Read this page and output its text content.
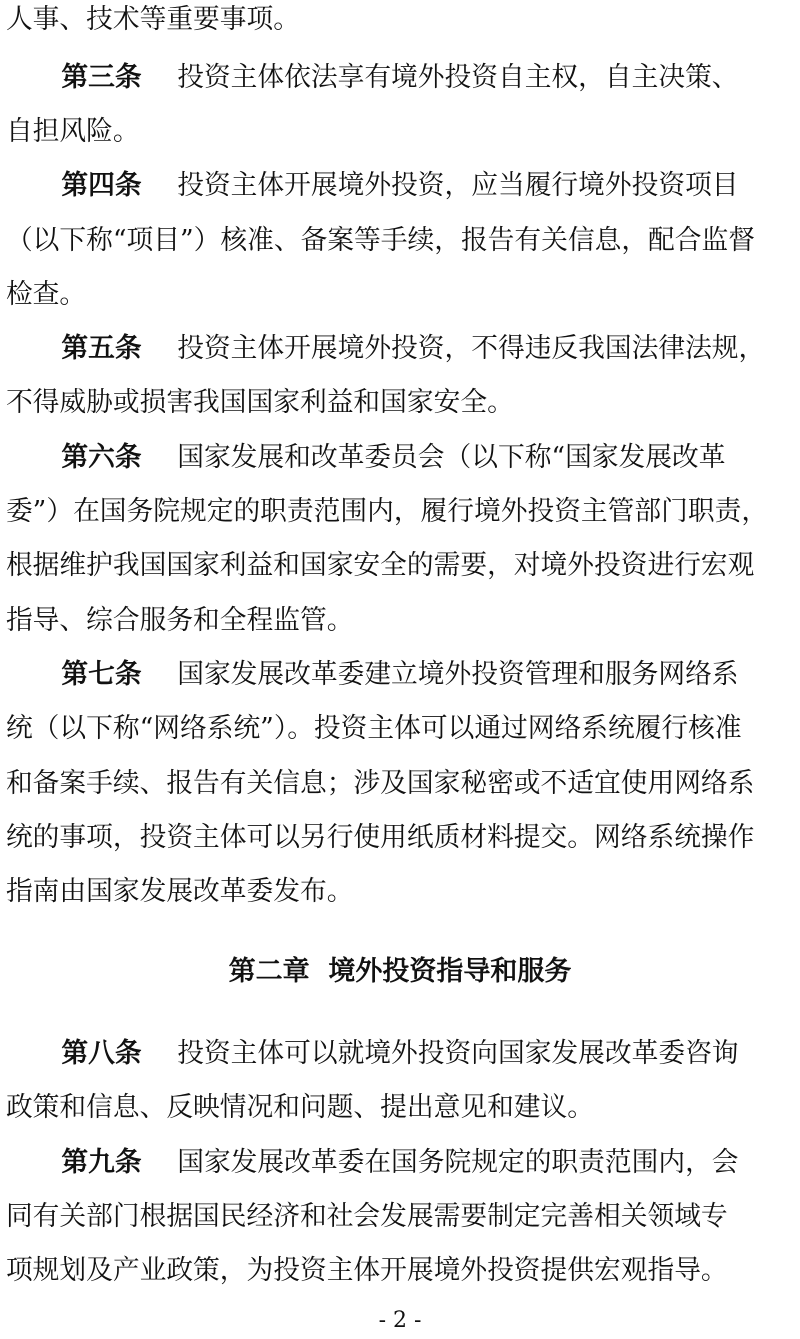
人事、技术等重要事项。
第三条 投资主体依法享有境外投资自主权，自主决策、
自担风险。
第四条 投资主体开展境外投资，应当履行境外投资项目
（以下称“项目”）核准、备案等手续，报告有关信息，配合监督
检查。
第五条 投资主体开展境外投资，不得违反我国法律法规，
不得威胁或损害我国国家利益和国家安全。
第六条 国家发展和改革委员会（以下称“国家发展改革
委”）在国务院规定的职责范围内，履行境外投资主管部门职责，
根据维护我国国家利益和国家安全的需要，对境外投资进行宏观
指导、综合服务和全程监管。
第七条 国家发展改革委建立境外投资管理和服务网络系
统（以下称“网络系统”）。投资主体可以通过网络系统履行核准
和备案手续、报告有关信息；涉及国家秘密或不适宜使用网络系
统的事项，投资主体可以另行使用纸质材料提交。网络系统操作
指南由国家发展改革委发布。
第二章  境外投资指导和服务
第八条 投资主体可以就境外投资向国家发展改革委咨询
政策和信息、反映情况和问题、提出意见和建议。
第九条 国家发展改革委在国务院规定的职责范围内，会
同有关部门根据国民经济和社会发展需要制定完善相关领域专
项规划及产业政策，为投资主体开展境外投资提供宏观指导。
- 2 -
